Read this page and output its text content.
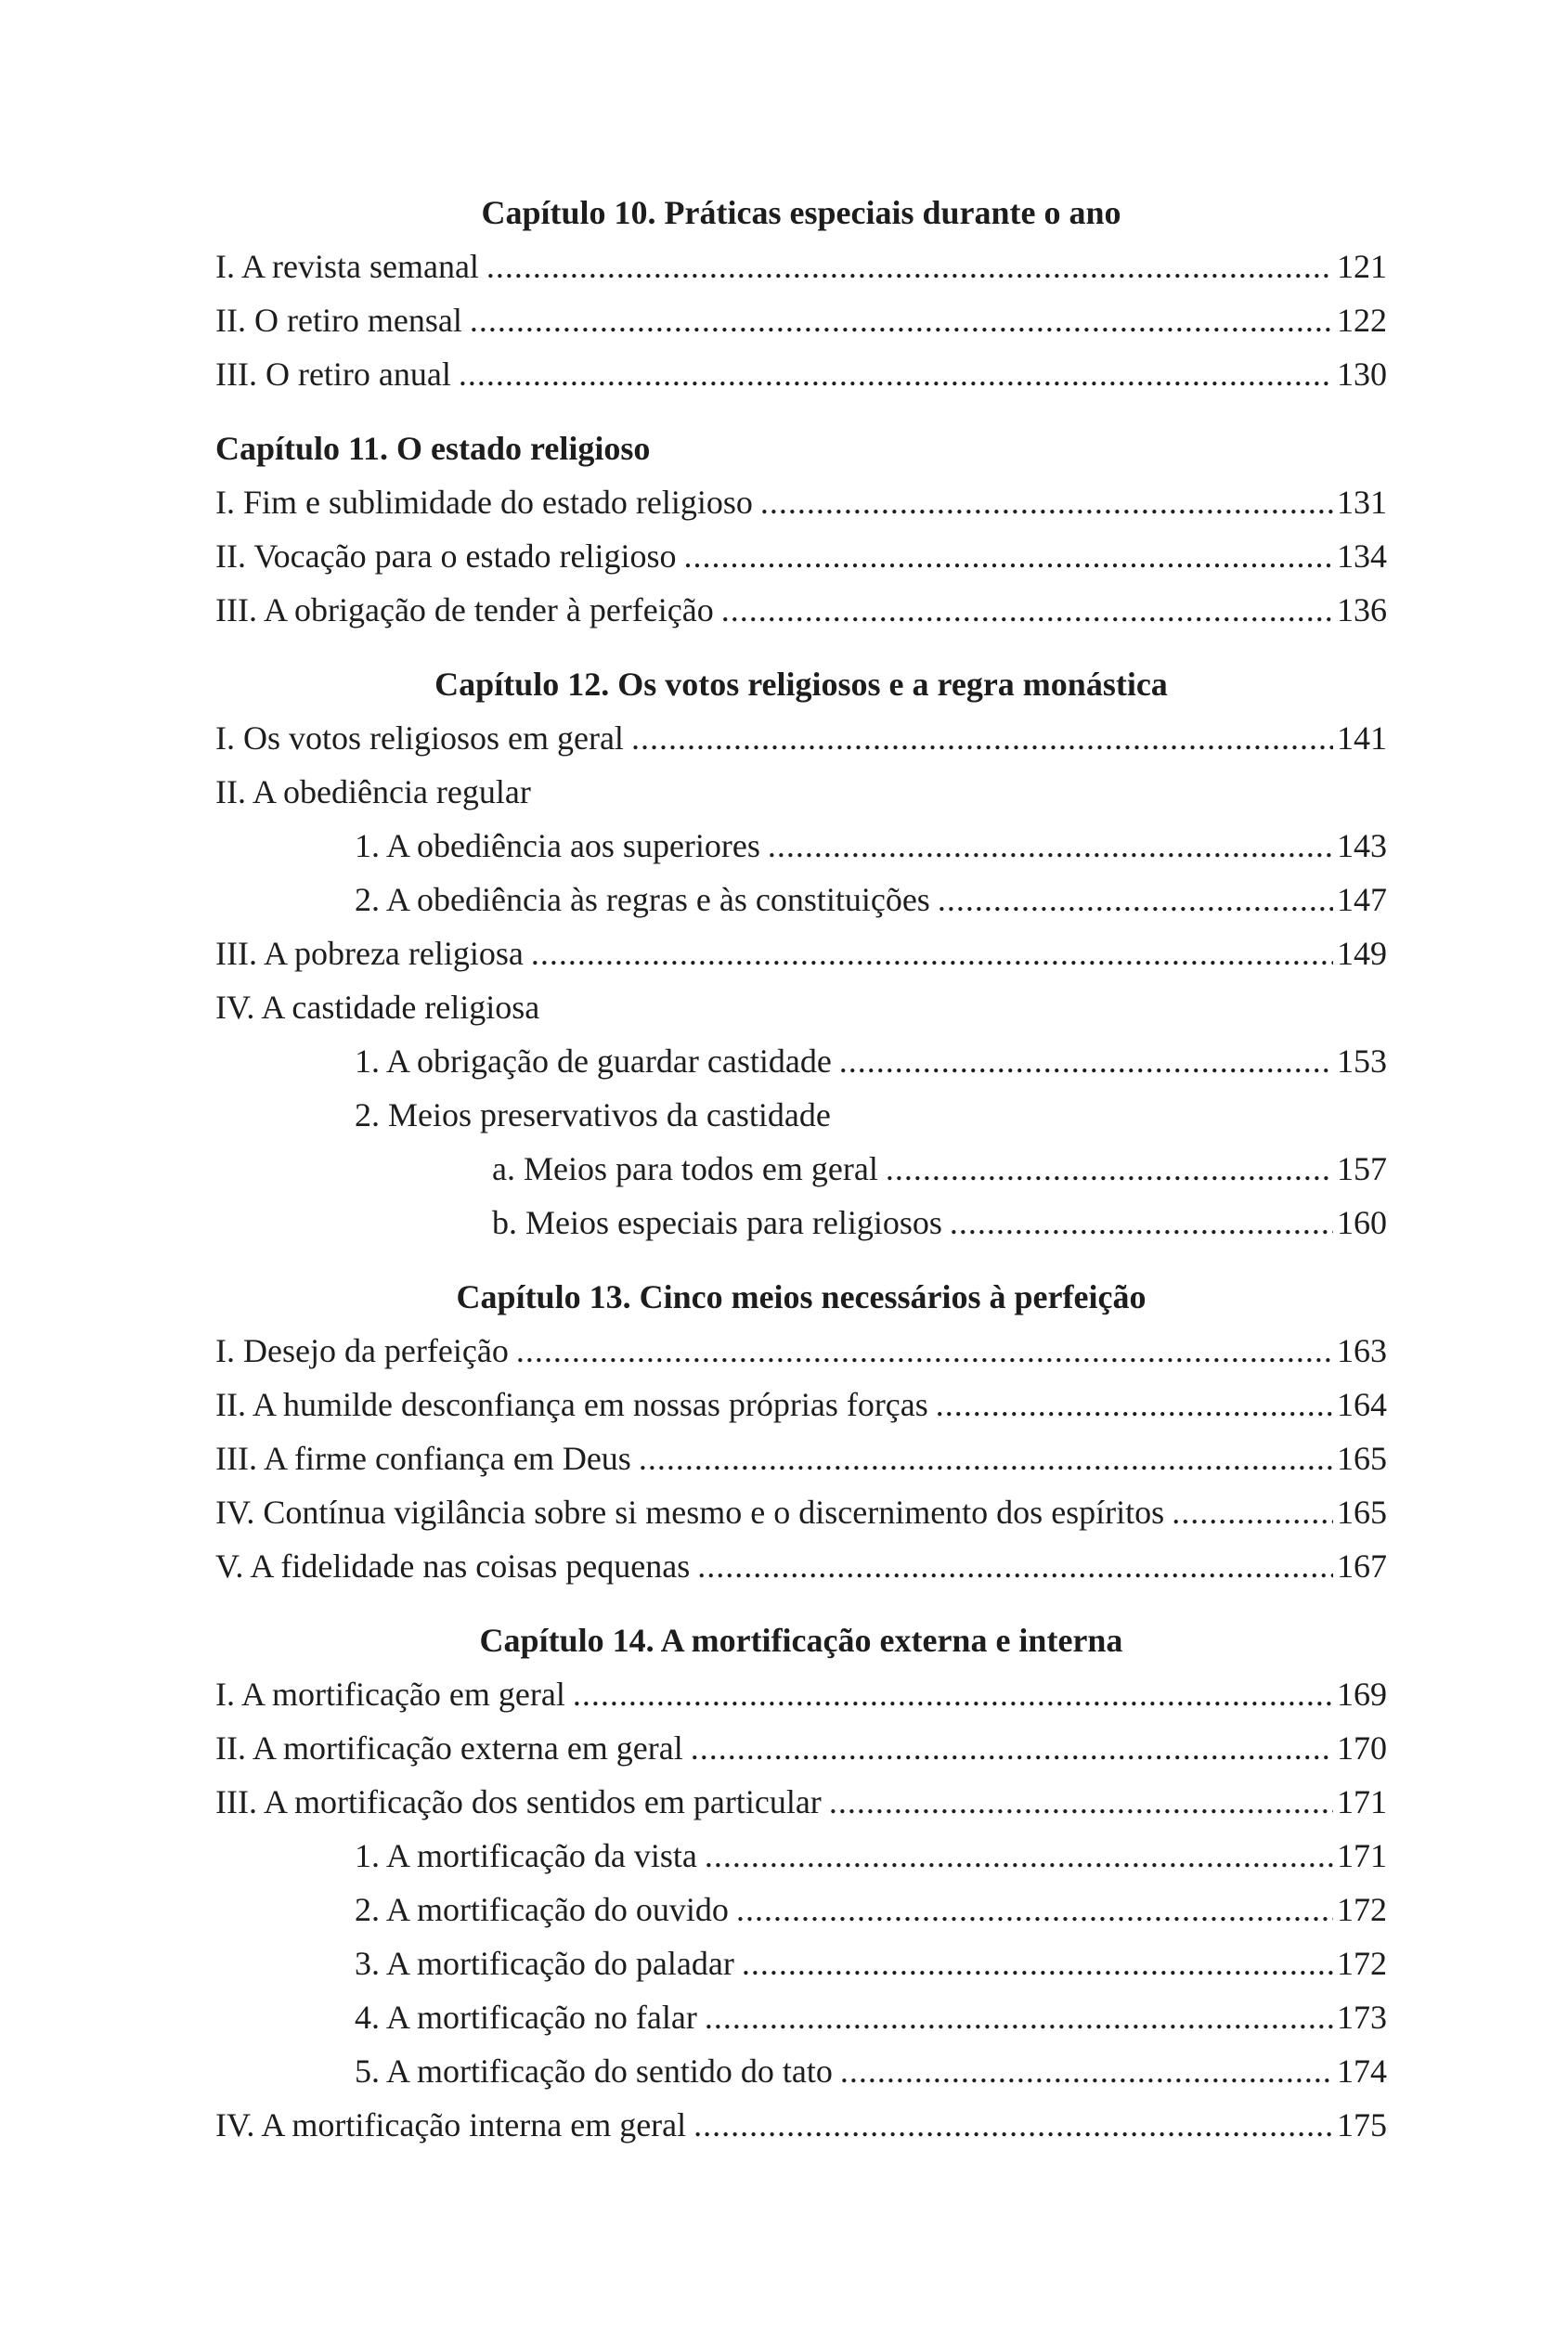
Capítulo 10. Práticas especiais durante o ano
I. A revista semanal .....	121
II. O retiro mensal .....	122
III. O retiro anual .....	130
Capítulo 11. O estado religioso
I. Fim e sublimidade do estado religioso .....	131
II. Vocação para o estado religioso .....	134
III. A obrigação de tender à perfeição .....	136
Capítulo 12. Os votos religiosos e a regra monástica
I. Os votos religiosos em geral .....	141
II. A obediência regular
1. A obediência aos superiores .....	143
2. A obediência às regras e às constituições .....	147
III. A pobreza religiosa .....	149
IV. A castidade religiosa
1. A obrigação de guardar castidade .....	153
2. Meios preservativos da castidade
a. Meios para todos em geral .....	157
b. Meios especiais para religiosos .....	160
Capítulo 13. Cinco meios necessários à perfeição
I. Desejo da perfeição .....	163
II. A humilde desconfiança em nossas próprias forças .....	164
III. A firme confiança em Deus .....	165
IV. Contínua vigilância sobre si mesmo e o discernimento dos espíritos .....	165
V. A fidelidade nas coisas pequenas .....	167
Capítulo 14. A mortificação externa e interna
I. A mortificação em geral .....	169
II. A mortificação externa em geral .....	170
III. A mortificação dos sentidos em particular .....	171
1. A mortificação da vista .....	171
2. A mortificação do ouvido .....	172
3. A mortificação do paladar .....	172
4. A mortificação no falar .....	173
5. A mortificação do sentido do tato .....	174
IV. A mortificação interna em geral .....	175
